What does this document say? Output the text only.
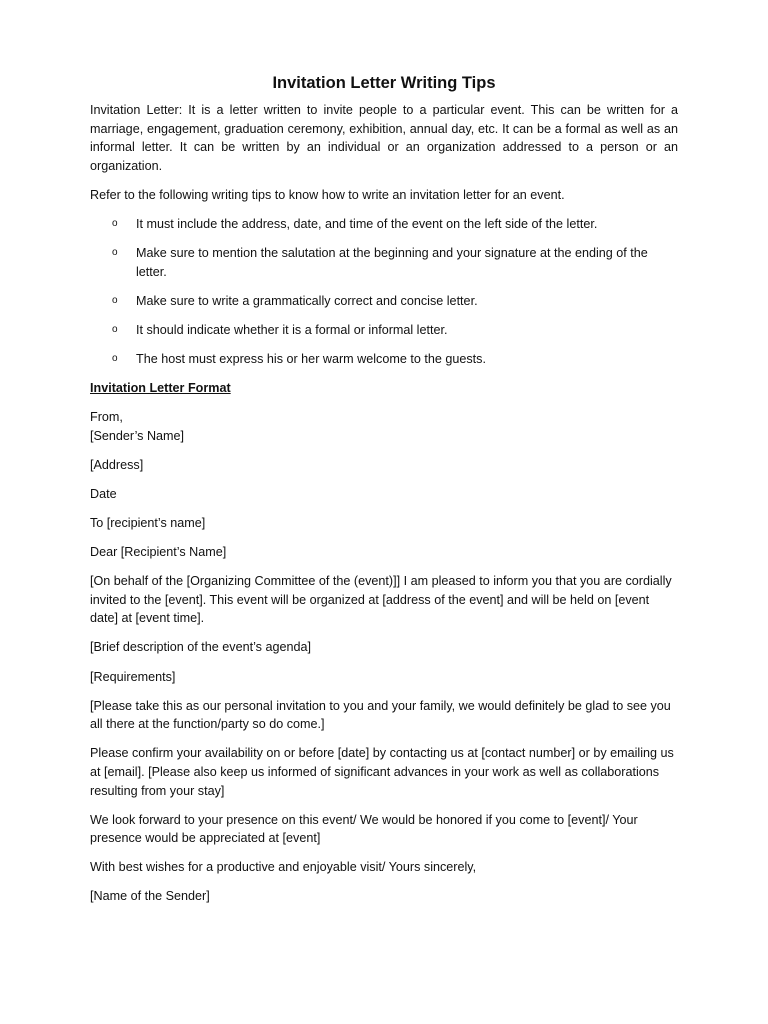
Invitation Letter Writing Tips

Invitation Letter: It is a letter written to invite people to a particular event. This can be written for a marriage, engagement, graduation ceremony, exhibition, annual day, etc. It can be a formal as well as an informal letter. It can be written by an individual or an organization addressed to a person or an organization.

Refer to the following writing tips to know how to write an invitation letter for an event.

o It must include the address, date, and time of the event on the left side of the letter.
o Make sure to mention the salutation at the beginning and your signature at the ending of the letter.
o Make sure to write a grammatically correct and concise letter.
o It should indicate whether it is a formal or informal letter.
o The host must express his or her warm welcome to the guests.

Invitation Letter Format

From,

[Sender’s Name]

[Address]

Date

To [recipient’s name]

Dear [Recipient’s Name]

[On behalf of the [Organizing Committee of the (event)]] I am pleased to inform you that you are cordially invited to the [event]. This event will be organized at [address of the event] and will be held on [event date] at [event time].

[Brief description of the event’s agenda]

[Requirements]

[Please take this as our personal invitation to you and your family, we would definitely be glad to see you all there at the function/party so do come.]

Please confirm your availability on or before [date] by contacting us at [contact number] or by emailing us at [email]. [Please also keep us informed of significant advances in your work as well as collaborations resulting from your stay]

We look forward to your presence on this event/ We would be honored if you come to [event]/ Your presence would be appreciated at [event]

With best wishes for a productive and enjoyable visit/ Yours sincerely,

[Name of the Sender]
